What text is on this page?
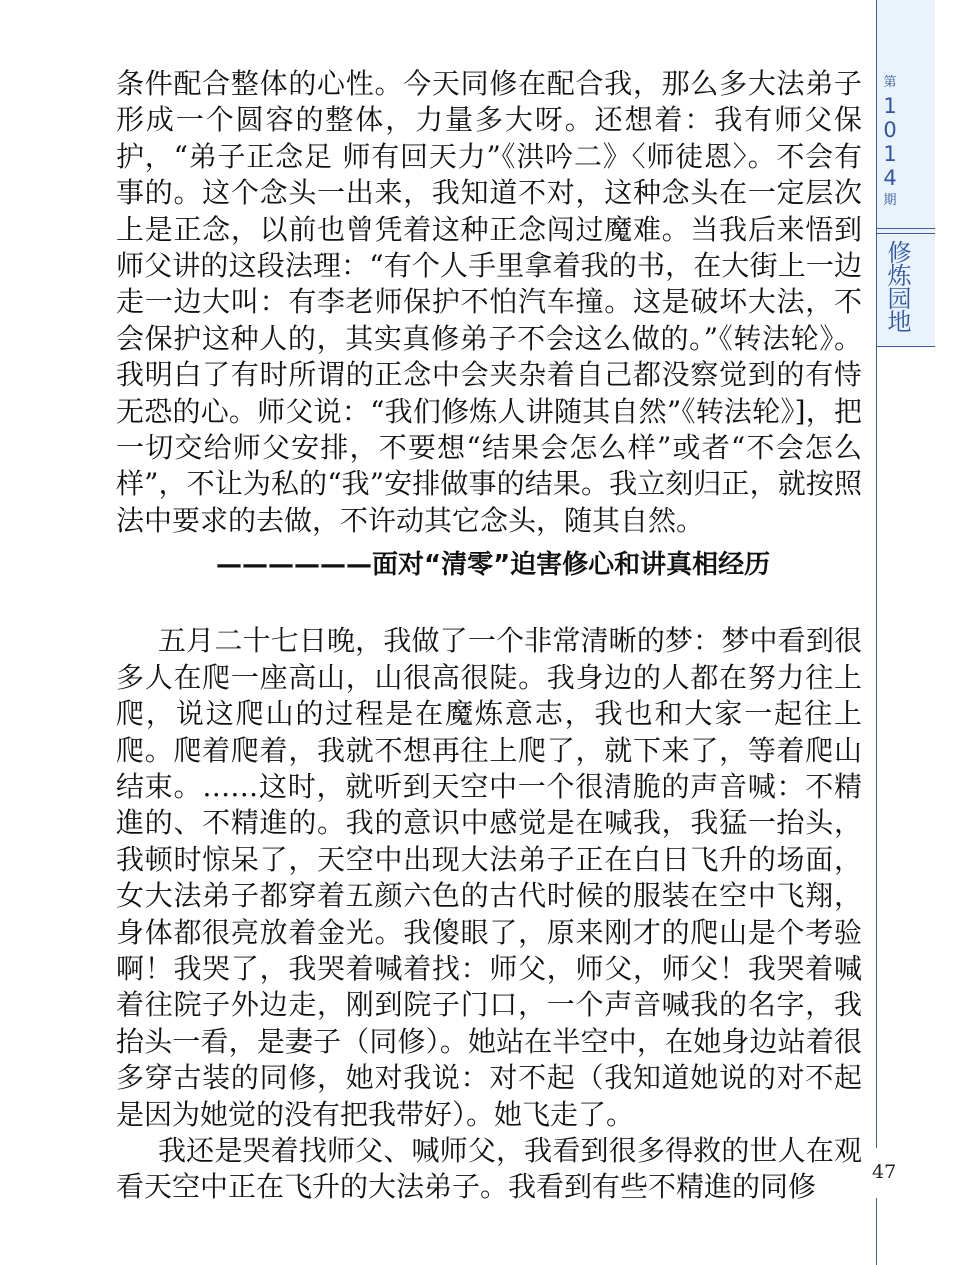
第
1
0
1
4
期
修炼园地
47

条件配合整体的心性。今天同修在配合我，那么多大法弟子形成一个圆容的整体，力量多大呀。还想着：我有师父保护，“弟子正念足 师有回天力”《洪吟二》〈师徒恩〉。不会有事的。这个念头一出来，我知道不对，这种念头在一定层次上是正念，以前也曾凭着这种正念闯过魔难。当我后来悟到师父讲的这段法理：“有个人手里拿着我的书，在大街上一边走一边大叫：有李老师保护不怕汽车撞。这是破坏大法，不会保护这种人的，其实真修弟子不会这么做的。”《转法轮》。我明白了有时所谓的正念中会夹杂着自己都没察觉到的有恃无恐的心。师父说：“我们修炼人讲随其自然”《转法轮》]，把一切交给师父安排，不要想“结果会怎么样”或者“不会怎么样”，不让为私的“我”安排做事的结果。我立刻归正，就按照法中要求的去做，不许动其它念头，随其自然。

——————面对“清零”迫害修心和讲真相经历

五月二十七日晚，我做了一个非常清晰的梦：梦中看到很多人在爬一座高山，山很高很陡。我身边的人都在努力往上爬，说这爬山的过程是在魔炼意志，我也和大家一起往上爬。爬着爬着，我就不想再往上爬了，就下来了，等着爬山结束。……这时，就听到天空中一个很清脆的声音喊：不精進的、不精進的。我的意识中感觉是在喊我，我猛一抬头，我顿时惊呆了，天空中出现大法弟子正在白日飞升的场面，女大法弟子都穿着五颜六色的古代时候的服装在空中飞翔，身体都很亮放着金光。我傻眼了，原来刚才的爬山是个考验啊！我哭了，我哭着喊着找：师父，师父，师父！我哭着喊着往院子外边走，刚到院子门口，一个声音喊我的名字，我抬头一看，是妻子（同修）。她站在半空中，在她身边站着很多穿古装的同修，她对我说：对不起（我知道她说的对不起是因为她觉的没有把我带好）。她飞走了。

我还是哭着找师父、喊师父，我看到很多得救的世人在观看天空中正在飞升的大法弟子。我看到有些不精進的同修
